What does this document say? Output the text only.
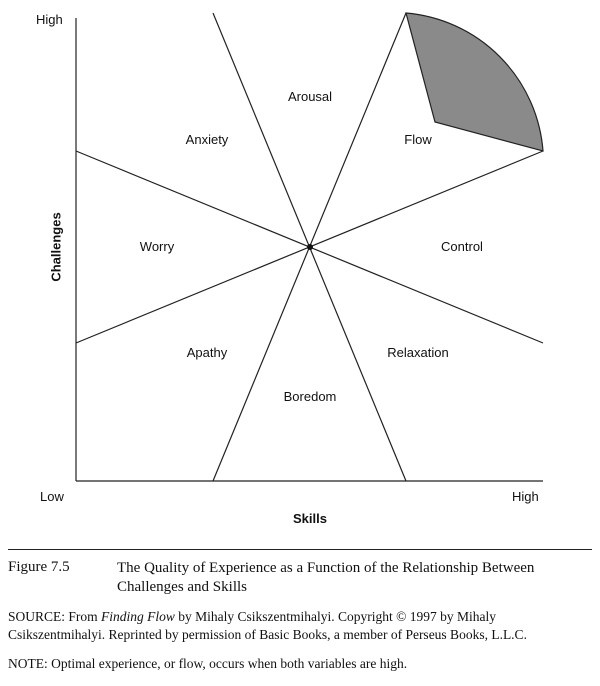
High
Low	High
Challenges
Skills
Arousal
Anxiety	Flow
Worry	Control
Apathy	Relaxation
Boredom
Figure 7.5	The Quality of Experience as a Function of the Relationship Between Challenges and Skills
SOURCE: From Finding Flow by Mihaly Csikszentmihalyi. Copyright © 1997 by Mihaly Csikszentmihalyi. Reprinted by permission of Basic Books, a member of Perseus Books, L.L.C.
NOTE: Optimal experience, or flow, occurs when both variables are high.
